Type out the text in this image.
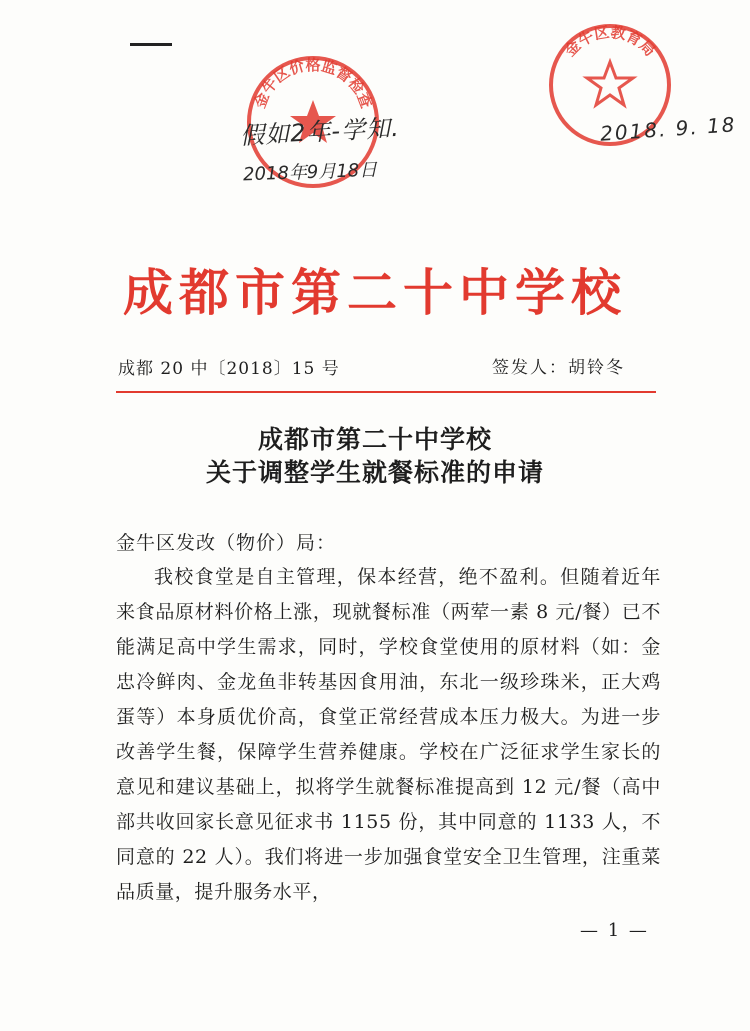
金牛区价格监督检查
金牛区教育局
假如2年-学知.
2018年9月18日
2018. 9. 18
成都市第二十中学校
成都 20 中〔2018〕15 号	签发人：胡铃冬
成都市第二十中学校
关于调整学生就餐标准的申请
金牛区发改（物价）局：

我校食堂是自主管理，保本经营，绝不盈利。但随着近年来食品原材料价格上涨，现就餐标准（两荤一素 8 元/餐）已不能满足高中学生需求，同时，学校食堂使用的原材料（如：金忠冷鲜肉、金龙鱼非转基因食用油，东北一级珍珠米，正大鸡蛋等）本身质优价高，食堂正常经营成本压力极大。为进一步改善学生餐，保障学生营养健康。学校在广泛征求学生家长的意见和建议基础上，拟将学生就餐标准提高到 12 元/餐（高中部共收回家长意见征求书 1155 份，其中同意的 1133 人，不同意的 22 人）。我们将进一步加强食堂安全卫生管理，注重菜品质量，提升服务水平，

— 1 —
